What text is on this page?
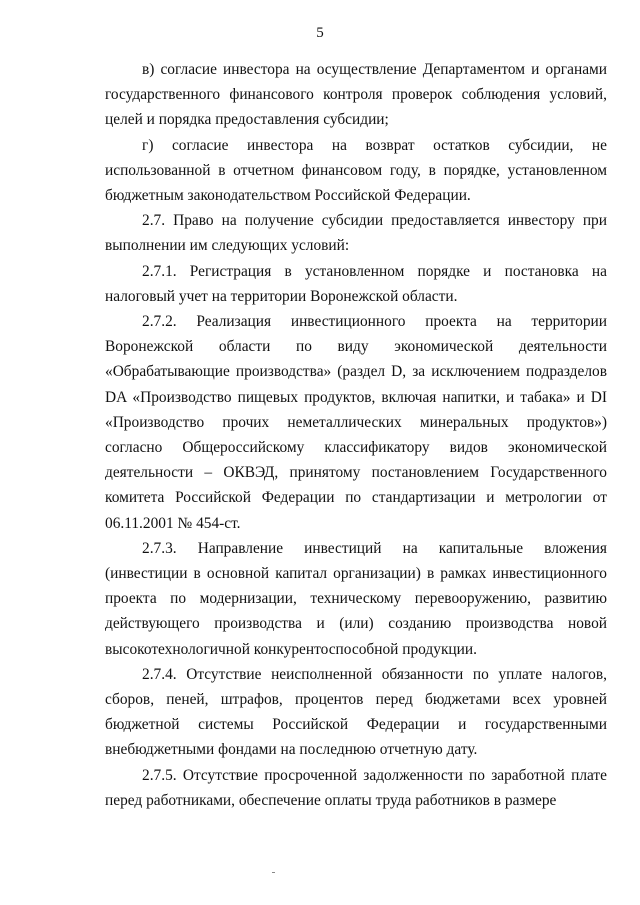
5

в) согласие инвестора на осуществление Департаментом и органами государственного финансового контроля проверок соблюдения условий, целей и порядка предоставления субсидии;

г) согласие инвестора на возврат остатков субсидии, не использованной в отчетном финансовом году, в порядке, установленном бюджетным законодательством Российской Федерации.

2.7. Право на получение субсидии предоставляется инвестору при выполнении им следующих условий:

2.7.1. Регистрация в установленном порядке и постановка на налоговый учет на территории Воронежской области.

2.7.2. Реализация инвестиционного проекта на территории Воронежской области по виду экономической деятельности «Обрабатывающие производства» (раздел D, за исключением подразделов DA «Производство пищевых продуктов, включая напитки, и табака» и DI «Производство прочих неметаллических минеральных продуктов») согласно Общероссийскому классификатору видов экономической деятельности – ОКВЭД, принятому постановлением Государственного комитета Российской Федерации по стандартизации и метрологии от 06.11.2001 № 454-ст.

2.7.3. Направление инвестиций на капитальные вложения (инвестиции в основной капитал организации) в рамках инвестиционного проекта по модернизации, техническому перевооружению, развитию действующего производства и (или) созданию производства новой высокотехнологичной конкурентоспособной продукции.

2.7.4. Отсутствие неисполненной обязанности по уплате налогов, сборов, пеней, штрафов, процентов перед бюджетами всех уровней бюджетной системы Российской Федерации и государственными внебюджетными фондами на последнюю отчетную дату.

2.7.5. Отсутствие просроченной задолженности по заработной плате перед работниками, обеспечение оплаты труда работников в размере
